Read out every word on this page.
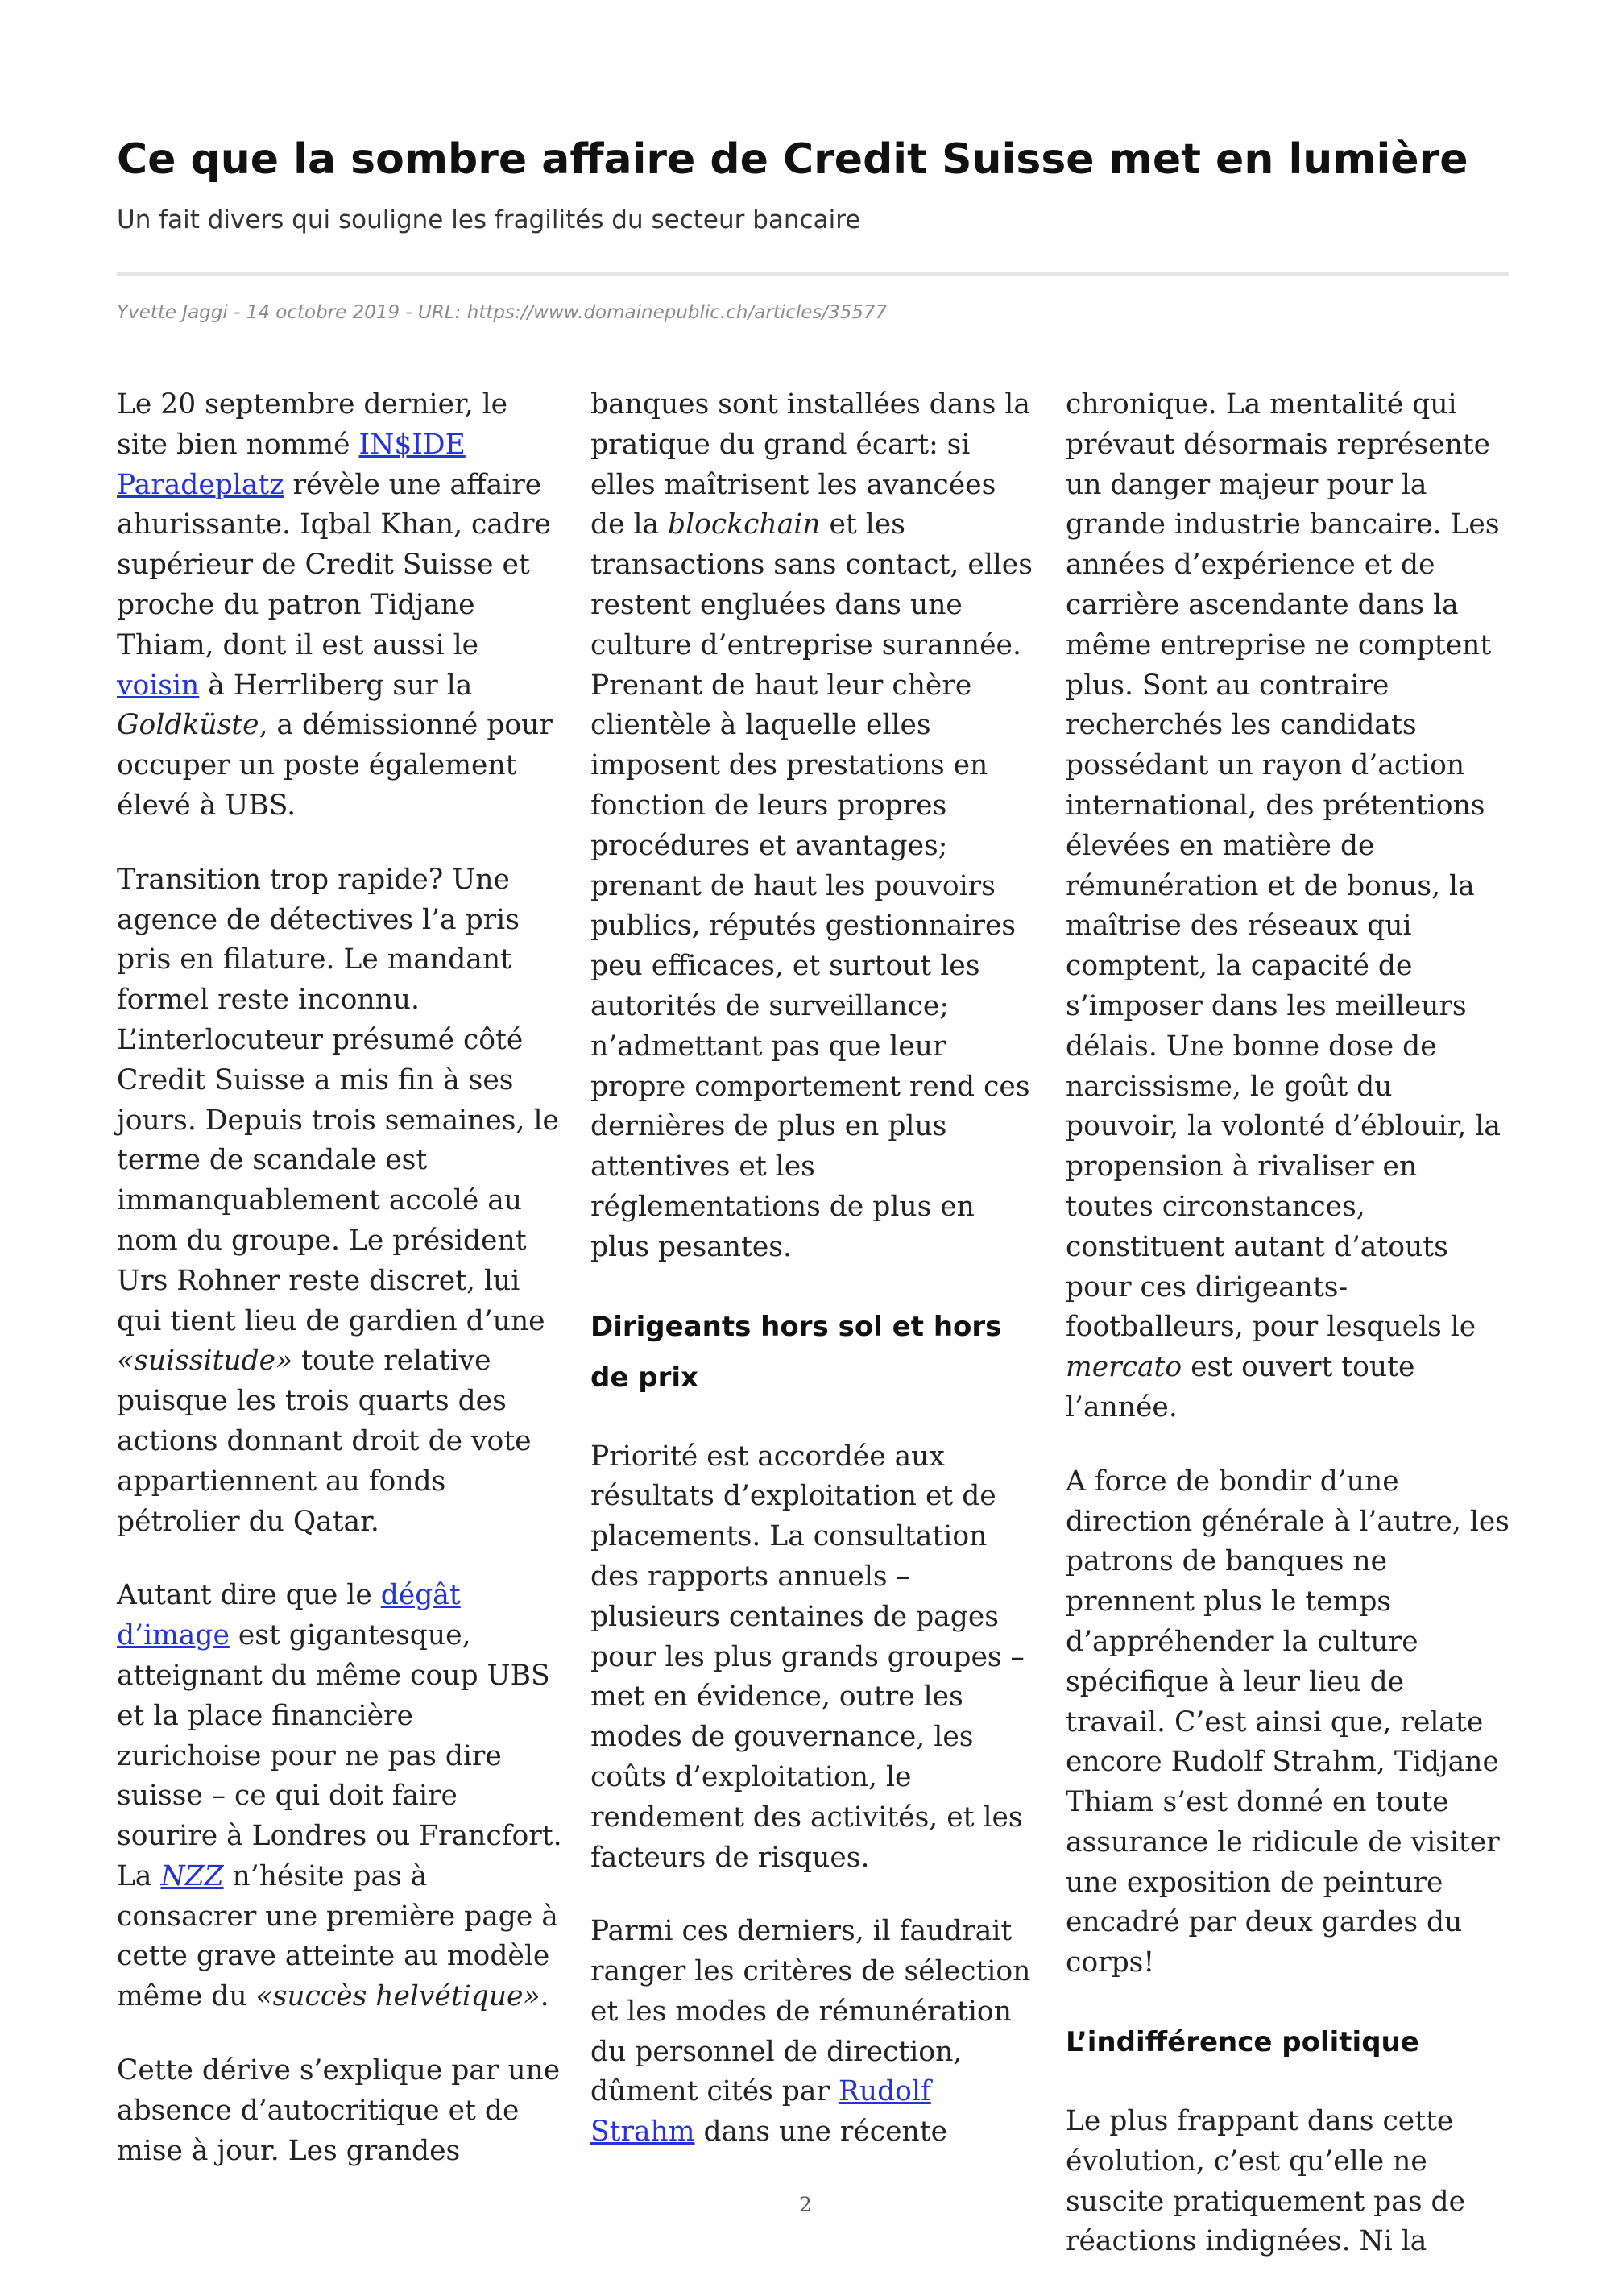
Ce que la sombre affaire de Credit Suisse met en lumière

Un fait divers qui souligne les fragilités du secteur bancaire

Yvette Jaggi - 14 octobre 2019 - URL: https://www.domainepublic.ch/articles/35577

Le 20 septembre dernier, le site bien nommé IN$IDE Paradeplatz révèle une affaire ahurissante. Iqbal Khan, cadre supérieur de Credit Suisse et proche du patron Tidjane Thiam, dont il est aussi le voisin à Herrliberg sur la Goldküste, a démissionné pour occuper un poste également élevé à UBS.

Transition trop rapide? Une agence de détectives l’a pris pris en filature. Le mandant formel reste inconnu. L’interlocuteur présumé côté Credit Suisse a mis fin à ses jours. Depuis trois semaines, le terme de scandale est immanquablement accolé au nom du groupe. Le président Urs Rohner reste discret, lui qui tient lieu de gardien d’une «suissitude» toute relative puisque les trois quarts des actions donnant droit de vote appartiennent au fonds pétrolier du Qatar.

Autant dire que le dégât d’image est gigantesque, atteignant du même coup UBS et la place financière zurichoise pour ne pas dire suisse – ce qui doit faire sourire à Londres ou Francfort. La NZZ n’hésite pas à consacrer une première page à cette grave atteinte au modèle même du «succès helvétique».

Cette dérive s’explique par une absence d’autocritique et de mise à jour. Les grandes

banques sont installées dans la pratique du grand écart: si elles maîtrisent les avancées de la blockchain et les transactions sans contact, elles restent engluées dans une culture d’entreprise surannée. Prenant de haut leur chère clientèle à laquelle elles imposent des prestations en fonction de leurs propres procédures et avantages; prenant de haut les pouvoirs publics, réputés gestionnaires peu efficaces, et surtout les autorités de surveillance; n’admettant pas que leur propre comportement rend ces dernières de plus en plus attentives et les réglementations de plus en plus pesantes.

Dirigeants hors sol et hors de prix

Priorité est accordée aux résultats d’exploitation et de placements. La consultation des rapports annuels – plusieurs centaines de pages pour les plus grands groupes – met en évidence, outre les modes de gouvernance, les coûts d’exploitation, le rendement des activités, et les facteurs de risques.

Parmi ces derniers, il faudrait ranger les critères de sélection et les modes de rémunération du personnel de direction, dûment cités par Rudolf Strahm dans une récente

chronique. La mentalité qui prévaut désormais représente un danger majeur pour la grande industrie bancaire. Les années d’expérience et de carrière ascendante dans la même entreprise ne comptent plus. Sont au contraire recherchés les candidats possédant un rayon d’action international, des prétentions élevées en matière de rémunération et de bonus, la maîtrise des réseaux qui comptent, la capacité de s’imposer dans les meilleurs délais. Une bonne dose de narcissisme, le goût du pouvoir, la volonté d’éblouir, la propension à rivaliser en toutes circonstances, constituent autant d’atouts pour ces dirigeants-footballeurs, pour lesquels le mercato est ouvert toute l’année.

A force de bondir d’une direction générale à l’autre, les patrons de banques ne prennent plus le temps d’appréhender la culture spécifique à leur lieu de travail. C’est ainsi que, relate encore Rudolf Strahm, Tidjane Thiam s’est donné en toute assurance le ridicule de visiter une exposition de peinture encadré par deux gardes du corps!

L’indifférence politique

Le plus frappant dans cette évolution, c’est qu’elle ne suscite pratiquement pas de réactions indignées. Ni la

2
